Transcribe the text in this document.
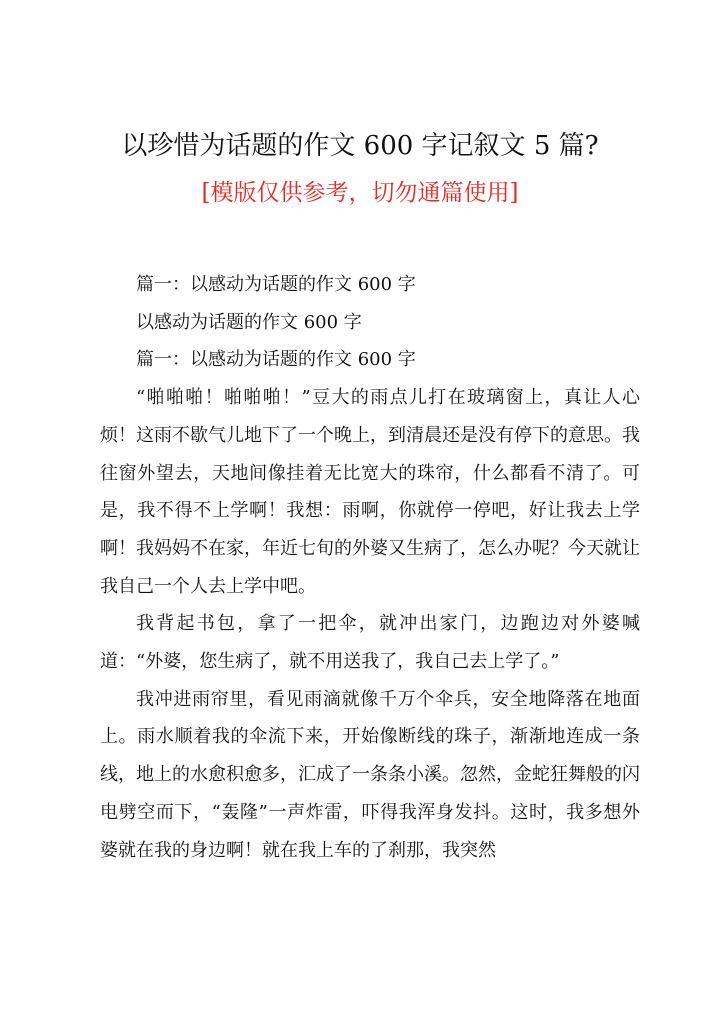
以珍惜为话题的作文 600 字记叙文 5 篇?
[模版仅供参考，切勿通篇使用]

篇一：以感动为话题的作文 600 字

以感动为话题的作文 600 字

篇一：以感动为话题的作文 600 字

“啪啪啪！啪啪啪！”豆大的雨点儿打在玻璃窗上，真让人心烦！这雨不歇气儿地下了一个晚上，到清晨还是没有停下的意思。我往窗外望去，天地间像挂着无比宽大的珠帘，什么都看不清了。可是，我不得不上学啊！我想：雨啊，你就停一停吧，好让我去上学啊！我妈妈不在家，年近七旬的外婆又生病了，怎么办呢？今天就让我自己一个人去上学中吧。

我背起书包，拿了一把伞，就冲出家门，边跑边对外婆喊道：“外婆，您生病了，就不用送我了，我自己去上学了。”

我冲进雨帘里，看见雨滴就像千万个伞兵，安全地降落在地面上。雨水顺着我的伞流下来，开始像断线的珠子，渐渐地连成一条线，地上的水愈积愈多，汇成了一条条小溪。忽然，金蛇狂舞般的闪电劈空而下，“轰隆”一声炸雷，吓得我浑身发抖。这时，我多想外婆就在我的身边啊！就在我上车的了刹那，我突然
